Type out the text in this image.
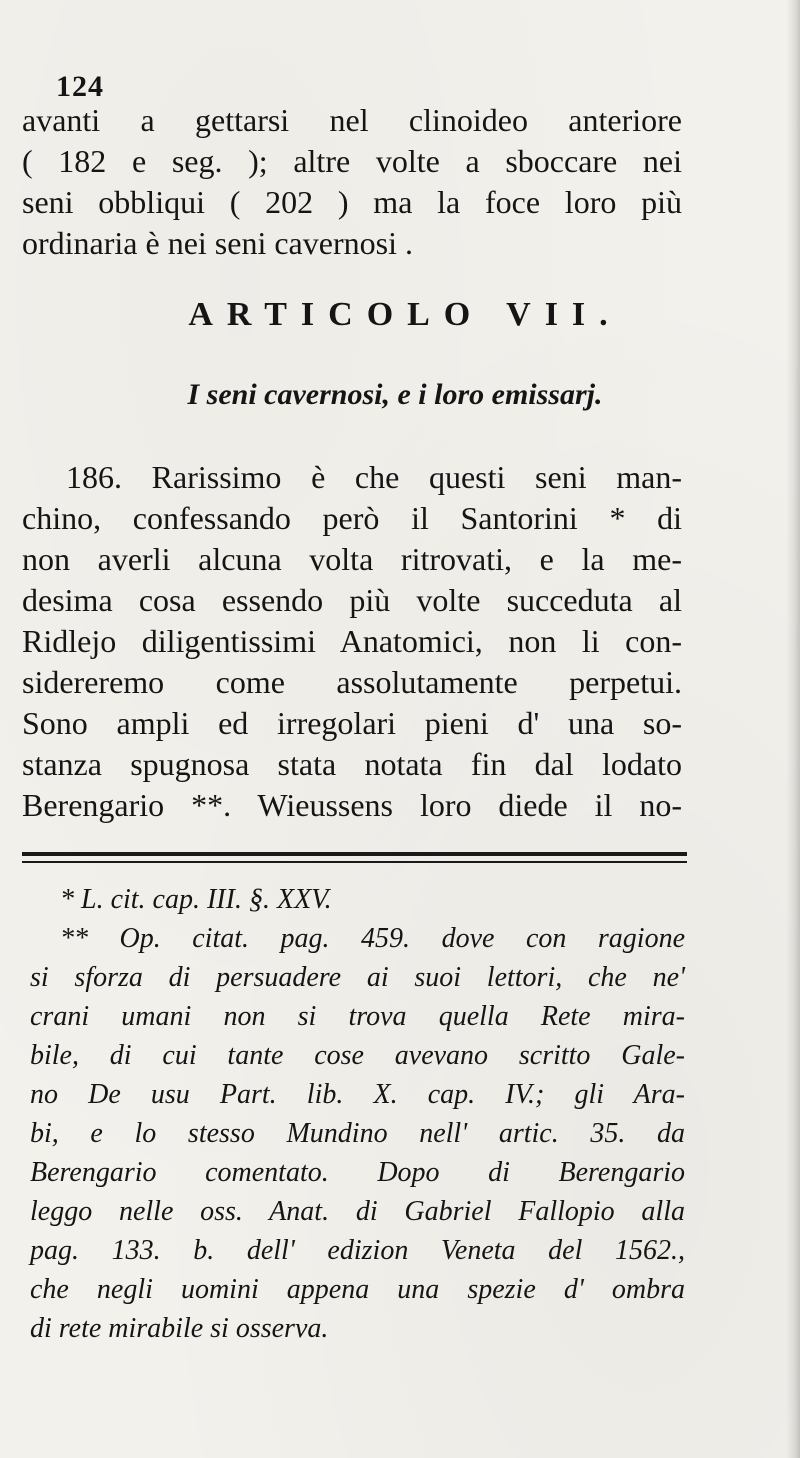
124
avanti a gettarsi nel clinoideo anteriore
( 182 e seg. ); altre volte a sboccare nei
seni obbliqui ( 202 ) ma la foce loro più
ordinaria è nei seni cavernosi .
ARTICOLO VII.
I seni cavernosi, e i loro emissarj.
186. Rarissimo è che questi seni man-
chino, confessando però il Santorini * di
non averli alcuna volta ritrovati, e la me-
desima cosa essendo più volte succeduta al
Ridlejo diligentissimi Anatomici, non li con-
sidereremo come assolutamente perpetui.
Sono ampli ed irregolari pieni d' una so-
stanza spugnosa stata notata fin dal lodato
Berengario **. Wieussens loro diede il no-
* L. cit. cap. III. §. XXV.
** Op. citat. pag. 459. dove con ragione
si sforza di persuadere ai suoi lettori, che ne'
crani umani non si trova quella Rete mira-
bile, di cui tante cose avevano scritto Gale-
no De usu Part. lib. X. cap. IV.; gli Ara-
bi, e lo stesso Mundino nell' artic. 35. da
Berengario comentato. Dopo di Berengario
leggo nelle oss. Anat. di Gabriel Fallopio alla
pag. 133. b. dell' edizion Veneta del 1562.,
che negli uomini appena una spezie d' ombra
di rete mirabile si osserva.
